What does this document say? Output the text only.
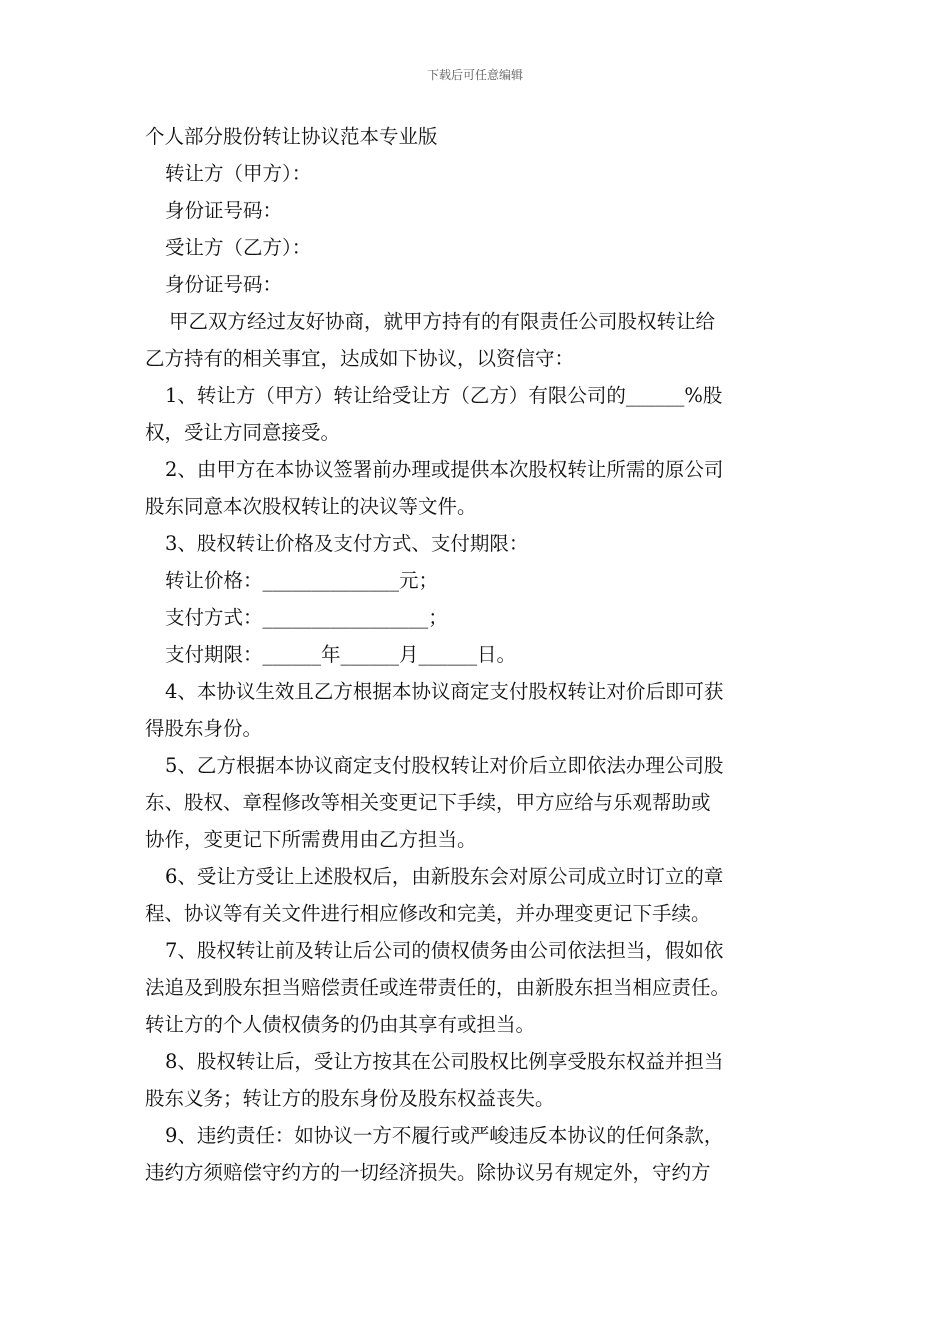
下载后可任意编辑

个人部分股份转让协议范本专业版

转让方（甲方）：

身份证号码：

受让方（乙方）：

身份证号码：

甲乙双方经过友好协商，就甲方持有的有限责任公司股权转让给

乙方持有的相关事宜，达成如下协议，以资信守：

1、转让方（甲方）转让给受让方（乙方）有限公司的______%股

权，受让方同意接受。

2、由甲方在本协议签署前办理或提供本次股权转让所需的原公司

股东同意本次股权转让的决议等文件。

3、股权转让价格及支付方式、支付期限：

转让价格：______________元；

支付方式：_________________；

支付期限：______年______月______日。

4、本协议生效且乙方根据本协议商定支付股权转让对价后即可获

得股东身份。

5、乙方根据本协议商定支付股权转让对价后立即依法办理公司股

东、股权、章程修改等相关变更记下手续，甲方应给与乐观帮助或

协作，变更记下所需费用由乙方担当。

6、受让方受让上述股权后，由新股东会对原公司成立时订立的章

程、协议等有关文件进行相应修改和完美，并办理变更记下手续。

7、股权转让前及转让后公司的债权债务由公司依法担当，假如依

法追及到股东担当赔偿责任或连带责任的，由新股东担当相应责任。

转让方的个人债权债务的仍由其享有或担当。

8、股权转让后，受让方按其在公司股权比例享受股东权益并担当

股东义务；转让方的股东身份及股东权益丧失。

9、违约责任：如协议一方不履行或严峻违反本协议的任何条款，

违约方须赔偿守约方的一切经济损失。除协议另有规定外，守约方
